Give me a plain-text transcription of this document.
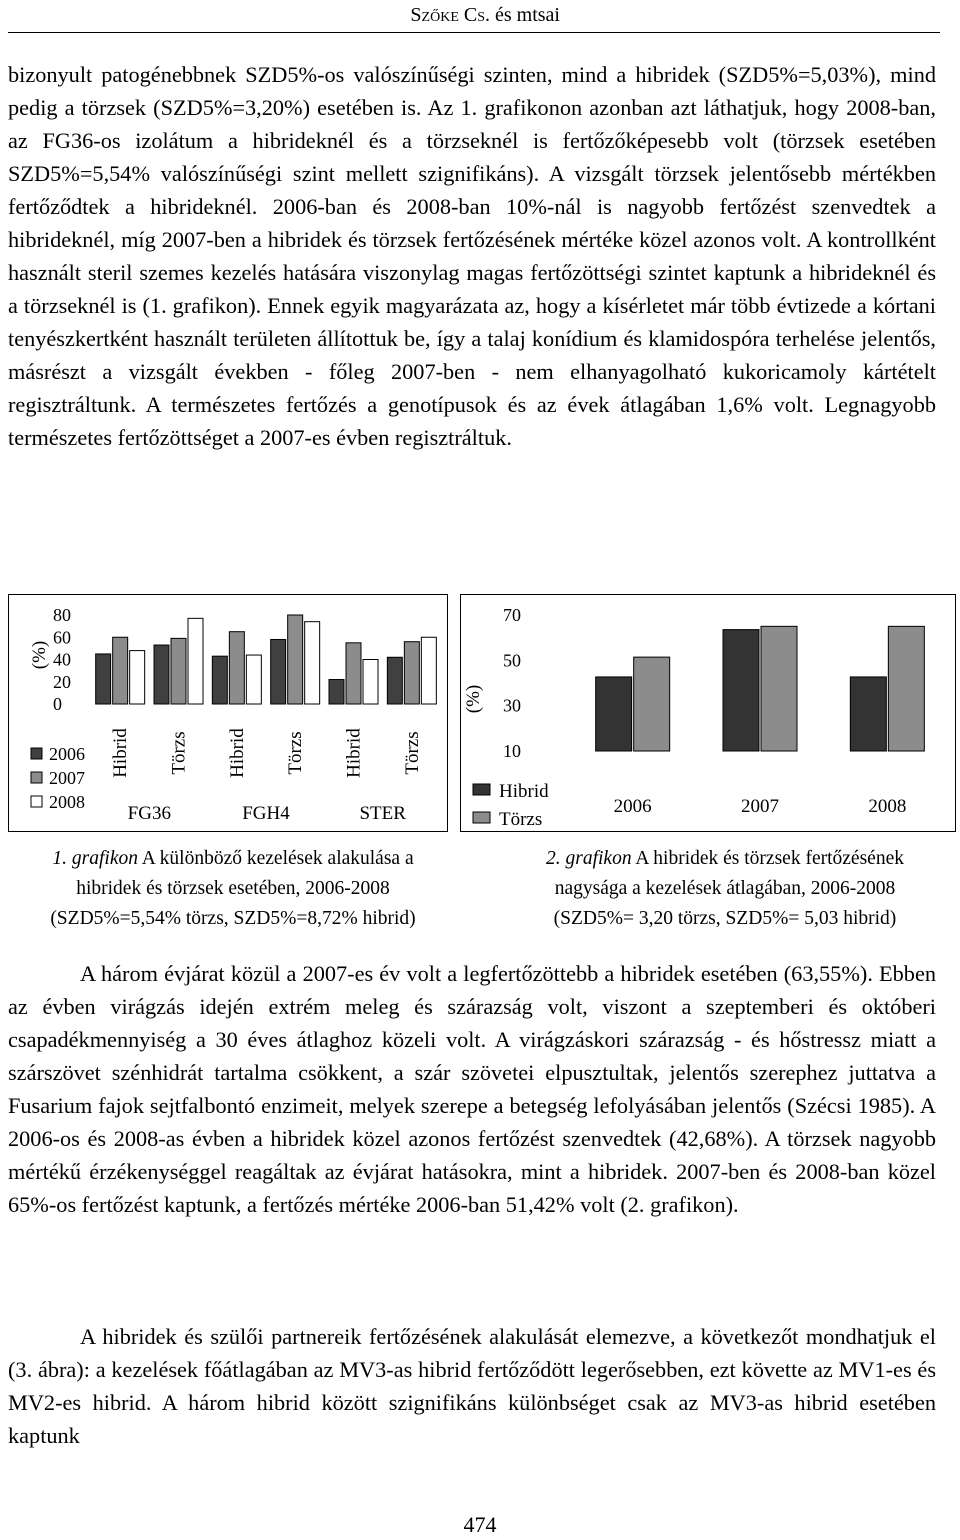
Szőke Cs. és mtsai

bizonyult patogénebbnek SZD5%-os valószínűségi szinten, mind a hibridek (SZD5%=5,03%), mind pedig a törzsek (SZD5%=3,20%) esetében is. Az 1. grafikonon azonban azt láthatjuk, hogy 2008-ban, az FG36-os izolátum a hibrideknél és a törzseknél is fertőzőképesebb volt (törzsek esetében SZD5%=5,54% valószínűségi szint mellett szignifikáns). A vizsgált törzsek jelentősebb mértékben fertőződtek a hibrideknél. 2006-ban és 2008-ban 10%-nál is nagyobb fertőzést szenvedtek a hibrideknél, míg 2007-ben a hibridek és törzsek fertőzésének mértéke közel azonos volt. A kontrollként használt steril szemes kezelés hatására viszonylag magas fertőzöttségi szintet kaptunk a hibrideknél és a törzseknél is (1. grafikon). Ennek egyik magyarázata az, hogy a kísérletet már több évtizede a kórtani tenyészkertként használt területen állítottuk be, így a talaj konídium és klamidospóra terhelése jelentős, másrészt a vizsgált években - főleg 2007-ben - nem elhanyagolható kukoricamoly kártételt regisztráltunk. A természetes fertőzés a genotípusok és az évek átlagában 1,6% volt. Legnagyobb természetes fertőzöttséget a 2007-es évben regisztráltuk.

(%)
80
60
40
20
0
Hibrid Törzs Hibrid Törzs Hibrid Törzs
FG36	FGH4	STER
2006
2007
2008
(%)
70
50
30
10
2006	2007	2008
Hibrid
Törzs
1. grafikon A különböző kezelések alakulása a
hibridek és törzsek esetében, 2006-2008
(SZD5%=5,54% törzs, SZD5%=8,72% hibrid)
2. grafikon A hibridek és törzsek fertőzésének
nagysága a kezelések átlagában, 2006-2008
(SZD5%= 3,20 törzs, SZD5%= 5,03 hibrid)

A három évjárat közül a 2007-es év volt a legfertőzöttebb a hibridek esetében (63,55%). Ebben az évben virágzás idején extrém meleg és szárazság volt, viszont a szeptemberi és októberi csapadékmennyiség a 30 éves átlaghoz közeli volt. A virágzáskori szárazság - és hőstressz miatt a szárszövet szénhidrát tartalma csökkent, a szár szövetei elpusztultak, jelentős szerephez juttatva a Fusarium fajok sejtfalbontó enzimeit, melyek szerepe a betegség lefolyásában jelentős (Szécsi 1985). A 2006-os és 2008-as évben a hibridek közel azonos fertőzést szenvedtek (42,68%). A törzsek nagyobb mértékű érzékenységgel reagáltak az évjárat hatásokra, mint a hibridek. 2007-ben és 2008-ban közel 65%-os fertőzést kaptunk, a fertőzés mértéke 2006-ban 51,42% volt (2. grafikon).

A hibridek és szülői partnereik fertőzésének alakulását elemezve, a következőt mondhatjuk el (3. ábra): a kezelések főátlagában az MV3-as hibrid fertőződött legerősebben, ezt követte az MV1-es és MV2-es hibrid. A három hibrid között szignifikáns különbséget csak az MV3-as hibrid esetében kaptunk

474
